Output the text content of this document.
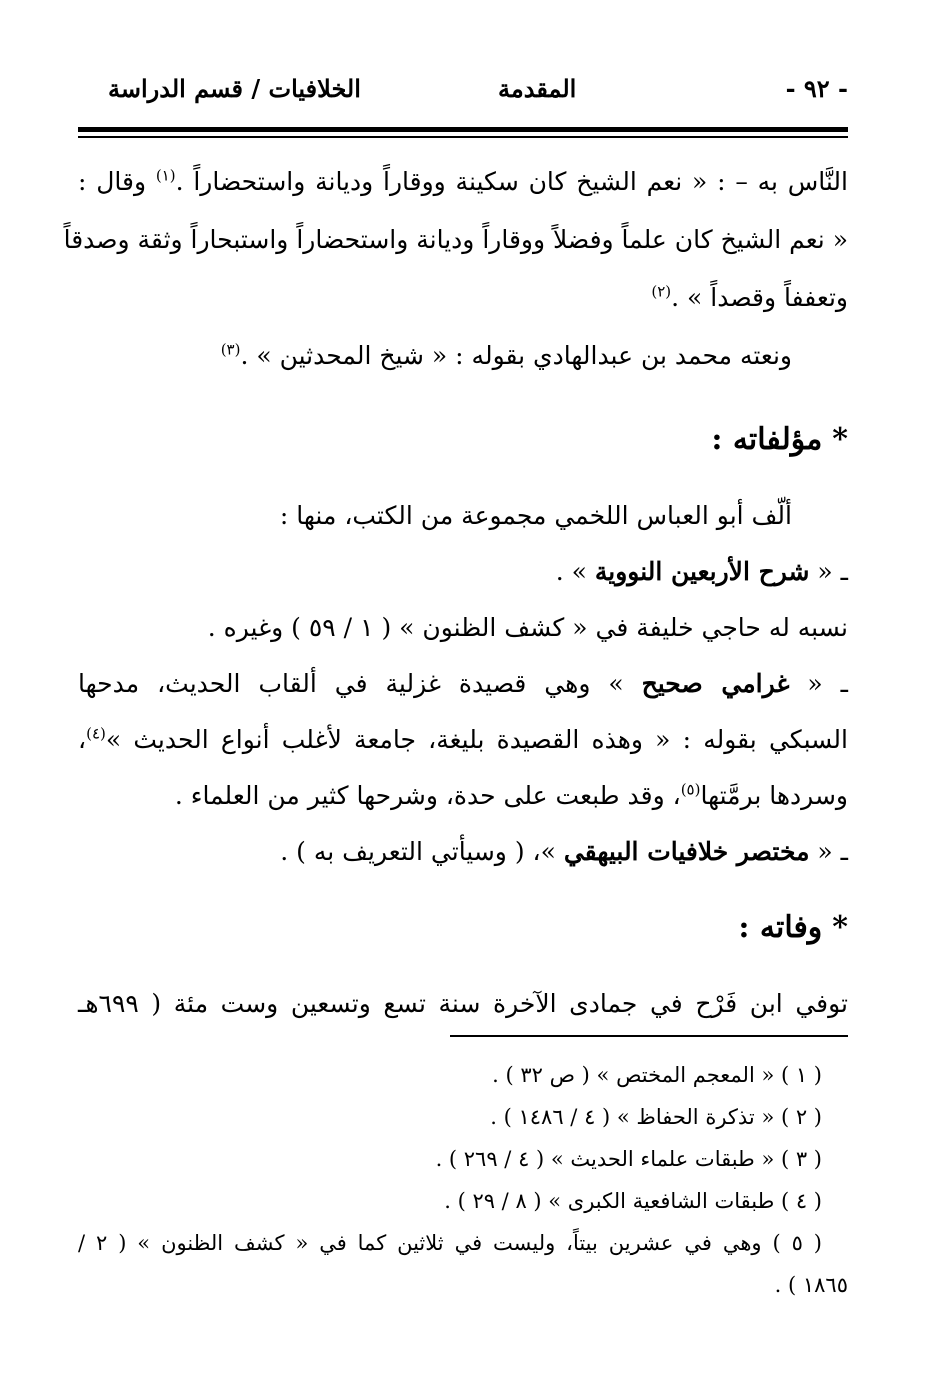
- ٩٢ -
المقدمة
الخلافيات / قسم الدراسة
النَّاس به – : « نعم الشيخ كان سكينة ووقاراً وديانة واستحضاراً .$^{(١)}$ وقال :
« نعم الشيخ كان علماً وفضلاً ووقاراً وديانة واستحضاراً واستبحاراً وثقة وصدقاً
وتعففاً وقصداً » .$^{(٢)}$
ونعته محمد بن عبدالهادي بقوله : « شيخ المحدثين » .$^{(٣)}$
*مؤلفاته :
ألّف أبو العباس اللخمي مجموعة من الكتب، منها :
ـ « شرح الأربعين النووية » .
نسبه له حاجي خليفة في « كشف الظنون » ( ١ / ٥٩ ) وغيره .
ـ « غرامي صحيح » وهي قصيدة غزلية في ألقاب الحديث، مدحها
السبكي بقوله : « وهذه القصيدة بليغة، جامعة لأغلب أنواع الحديث »$^{(٤)}$،
وسردها برمَّتها$^{(٥)}$، وقد طبعت على حدة، وشرحها كثير من العلماء .
ـ « مختصر خلافيات البيهقي »، ( وسيأتي التعريف به ) .
*وفاته :
توفي ابن فَرْح في جمادى الآخرة سنة تسع وتسعين وست مئة ( ٦٩٩هـ
( ١ ) « المعجم المختص » ( ص ٣٢ ) .
( ٢ ) « تذكرة الحفاظ » ( ٤ / ١٤٨٦ ) .
( ٣ ) « طبقات علماء الحديث » ( ٤ / ٢٦٩ ) .
( ٤ ) طبقات الشافعية الكبرى » ( ٨ / ٢٩ ) .
( ٥ ) وهي في عشرين بيتاً، وليست في ثلاثين كما في « كشف الظنون » ( ٢ /
١٨٦٥ ) .
